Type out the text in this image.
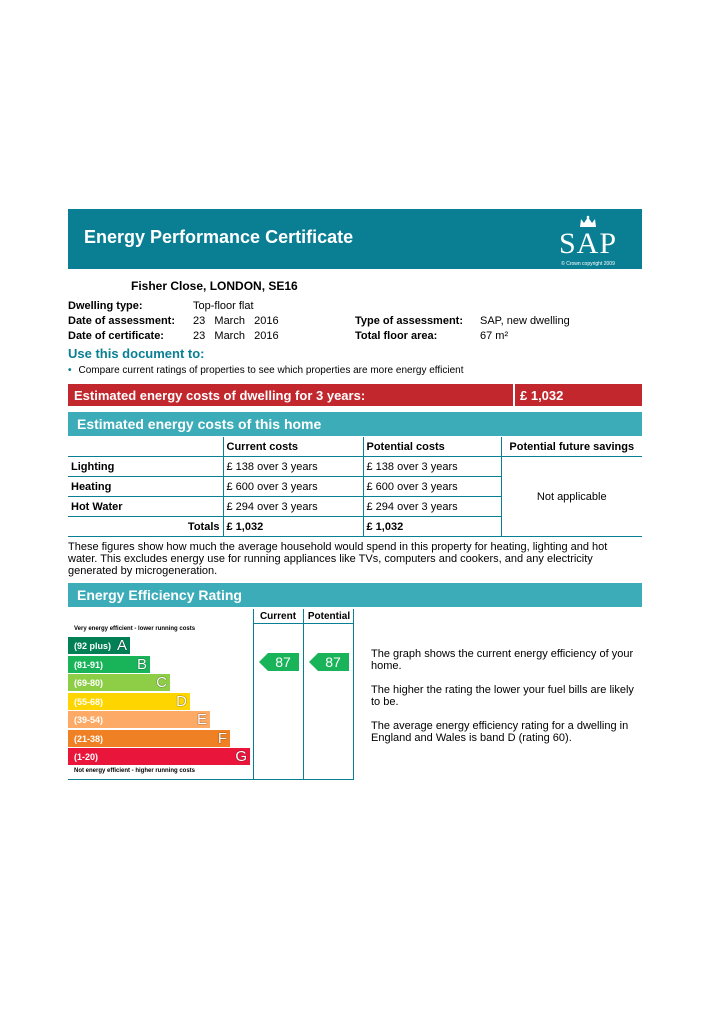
Energy Performance Certificate	SAP
© Crown copyright 2009
Fisher Close, LONDON, SE16
Dwelling type:	Top-floor flat
Date of assessment: 23   March   2016
Date of certificate:	23   March   2016
Type of assessment: SAP, new dwelling
Total floor area:	67 m²
Use this document to:
• Compare current ratings of properties to see which properties are more energy efficient
Estimated energy costs of dwelling for 3 years:	£ 1,032
Estimated energy costs of this home
	Current costs	Potential costs	Potential future savings
Lighting	£ 138 over 3 years	£ 138 over 3 years	Not applicable
Heating	£ 600 over 3 years	£ 600 over 3 years	
Hot Water	£ 294 over 3 years	£ 294 over 3 years	
Totals	£ 1,032	£ 1,032	
These figures show how much the average household would spend in this property for heating, lighting and hot water. This excludes energy use for running appliances like TVs, computers and cookers, and any electricity generated by microgeneration.
Energy Efficiency Rating
Current	Potential
Very energy efficient - lower running costs
(92 plus) A
(81-91) B
(69-80)	C
(55-68)	D
(39-54)	E
(21-38)	F
(1-20)	G
Not energy efficient - higher running costs
87	87	The graph shows the current energy efficiency of your home.
The higher the rating the lower your fuel bills are likely to be.
The average energy efficiency rating for a dwelling in England and Wales is band D (rating 60).
